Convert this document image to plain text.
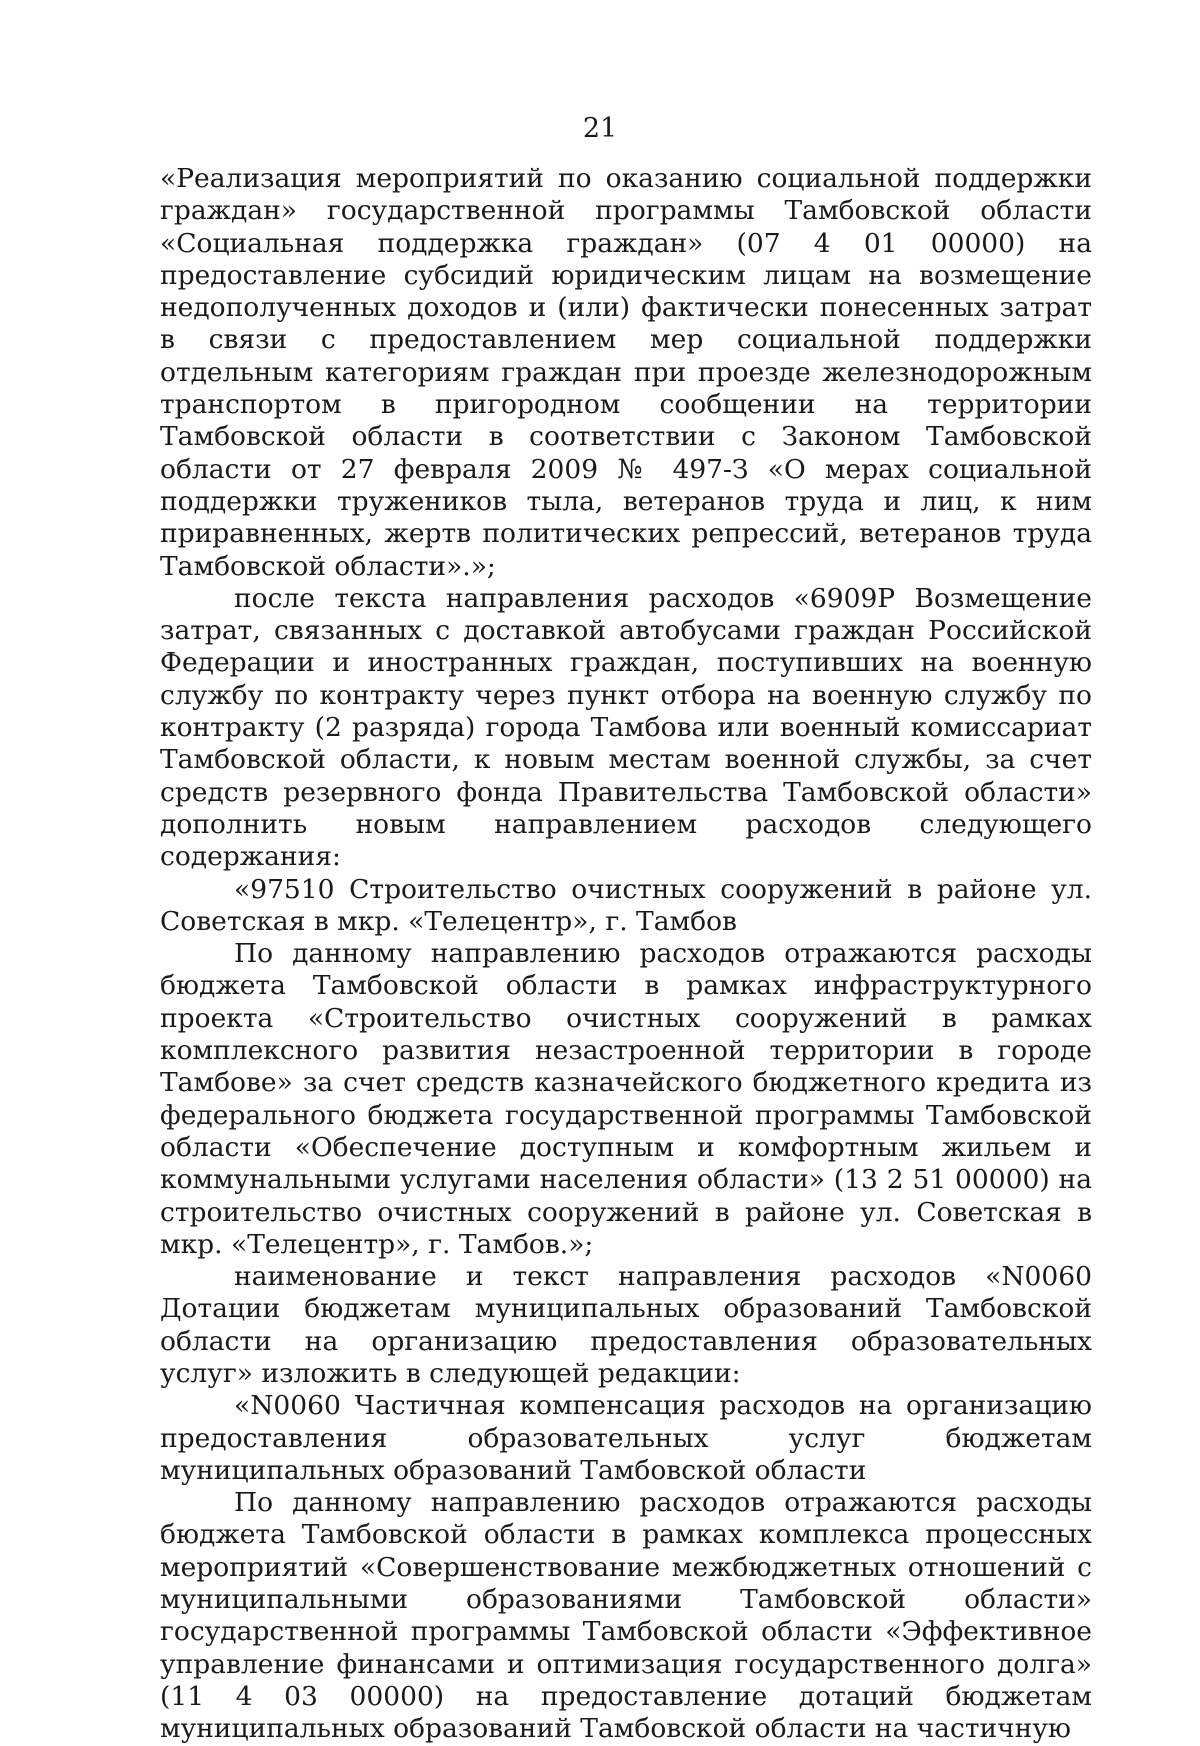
21

«Реализация мероприятий по оказанию социальной поддержки граждан» государственной программы Тамбовской области «Социальная поддержка граждан» (07 4 01 00000) на предоставление субсидий юридическим лицам на возмещение недополученных доходов и (или) фактически понесенных затрат в связи с предоставлением мер социальной поддержки отдельным категориям граждан при проезде железнодорожным транспортом в пригородном сообщении на территории Тамбовской области в соответствии с Законом Тамбовской области от 27 февраля 2009 № 497-З «О мерах социальной поддержки тружеников тыла, ветеранов труда и лиц, к ним приравненных, жертв политических репрессий, ветеранов труда Тамбовской области».»;

после текста направления расходов «6909Р Возмещение затрат, связанных с доставкой автобусами граждан Российской Федерации и иностранных граждан, поступивших на военную службу по контракту через пункт отбора на военную службу по контракту (2 разряда) города Тамбова или военный комиссариат Тамбовской области, к новым местам военной службы, за счет средств резервного фонда Правительства Тамбовской области» дополнить новым направлением расходов следующего содержания:

«97510 Строительство очистных сооружений в районе ул. Советская в мкр. «Телецентр», г. Тамбов

По данному направлению расходов отражаются расходы бюджета Тамбовской области в рамках инфраструктурного проекта «Строительство очистных сооружений в рамках комплексного развития незастроенной территории в городе Тамбове» за счет средств казначейского бюджетного кредита из федерального бюджета государственной программы Тамбовской области «Обеспечение доступным и комфортным жильем и коммунальными услугами населения области» (13 2 51 00000) на строительство очистных сооружений в районе ул. Советская в мкр. «Телецентр», г. Тамбов.»;

наименование и текст направления расходов «N0060 Дотации бюджетам муниципальных образований Тамбовской области на организацию предоставления образовательных услуг» изложить в следующей редакции:

«N0060 Частичная компенсация расходов на организацию предоставления образовательных услуг бюджетам муниципальных образований Тамбовской области

По данному направлению расходов отражаются расходы бюджета Тамбовской области в рамках комплекса процессных мероприятий «Совершенствование межбюджетных отношений с муниципальными образованиями Тамбовской области» государственной программы Тамбовской области «Эффективное управление финансами и оптимизация государственного долга» (11 4 03 00000) на предоставление дотаций бюджетам муниципальных образований Тамбовской области на частичную
